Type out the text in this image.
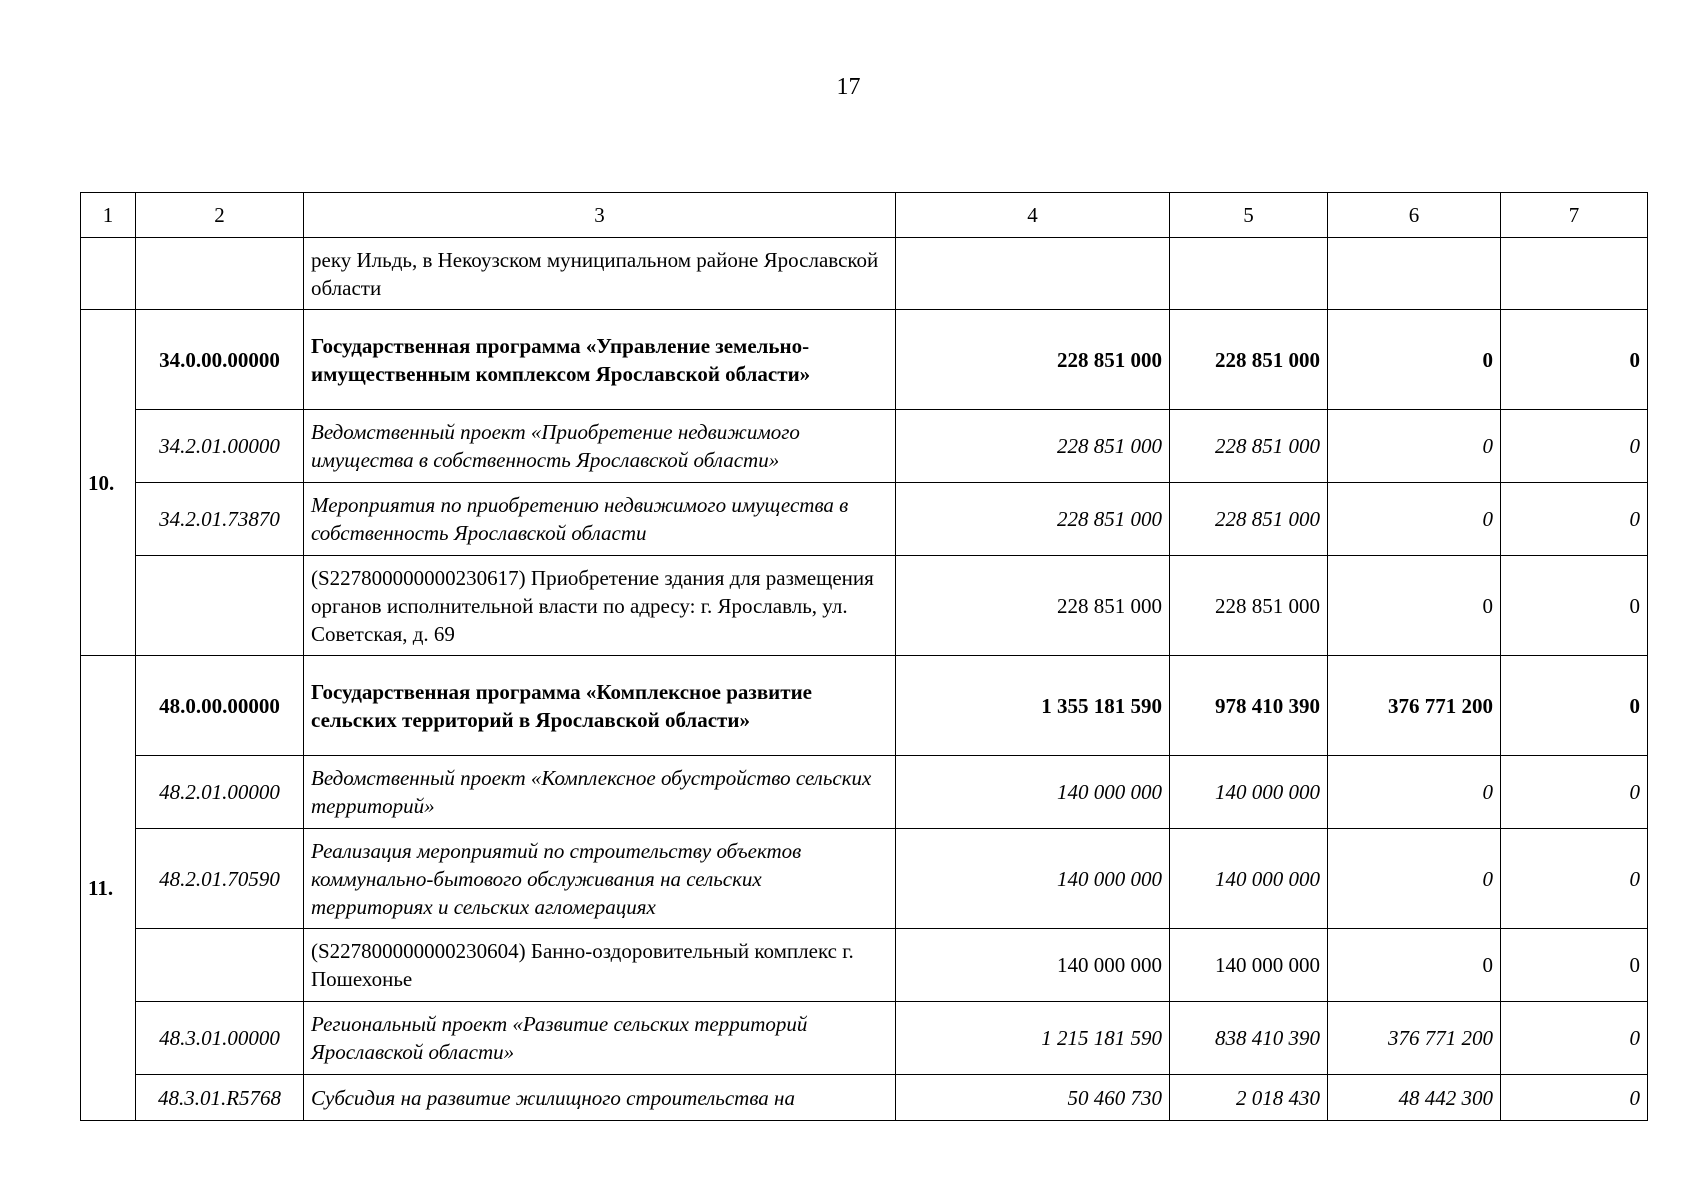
17
1	2	3	4	5	6	7
		реку Ильдь, в Некоузском муниципальном районе Ярославской области				
10.	34.0.00.00000	Государственная программа «Управление земельно-имущественным комплексом Ярославской области»	228 851 000	228 851 000	0	0
	34.2.01.00000	Ведомственный проект «Приобретение недвижимого имущества в собственность Ярославской области»	228 851 000	228 851 000	0	0
	34.2.01.73870	Мероприятия по приобретению недвижимого имущества в собственность Ярославской области	228 851 000	228 851 000	0	0
		(S227800000000230617) Приобретение здания для размещения органов исполнительной власти по адресу: г. Ярославль, ул. Советская, д. 69	228 851 000	228 851 000	0	0
11.	48.0.00.00000	Государственная программа «Комплексное развитие сельских территорий в Ярославской области»	1 355 181 590	978 410 390	376 771 200	0
	48.2.01.00000	Ведомственный проект «Комплексное обустройство сельских территорий»	140 000 000	140 000 000	0	0
	48.2.01.70590	Реализация мероприятий по строительству объектов коммунально-бытового обслуживания на сельских территориях и сельских агломерациях	140 000 000	140 000 000	0	0
		(S227800000000230604) Банно-оздоровительный комплекс г. Пошехонье	140 000 000	140 000 000	0	0
	48.3.01.00000	Региональный проект «Развитие сельских территорий Ярославской области»	1 215 181 590	838 410 390	376 771 200	0
	48.3.01.R5768	Субсидия на развитие жилищного строительства на	50 460 730	2 018 430	48 442 300	0
